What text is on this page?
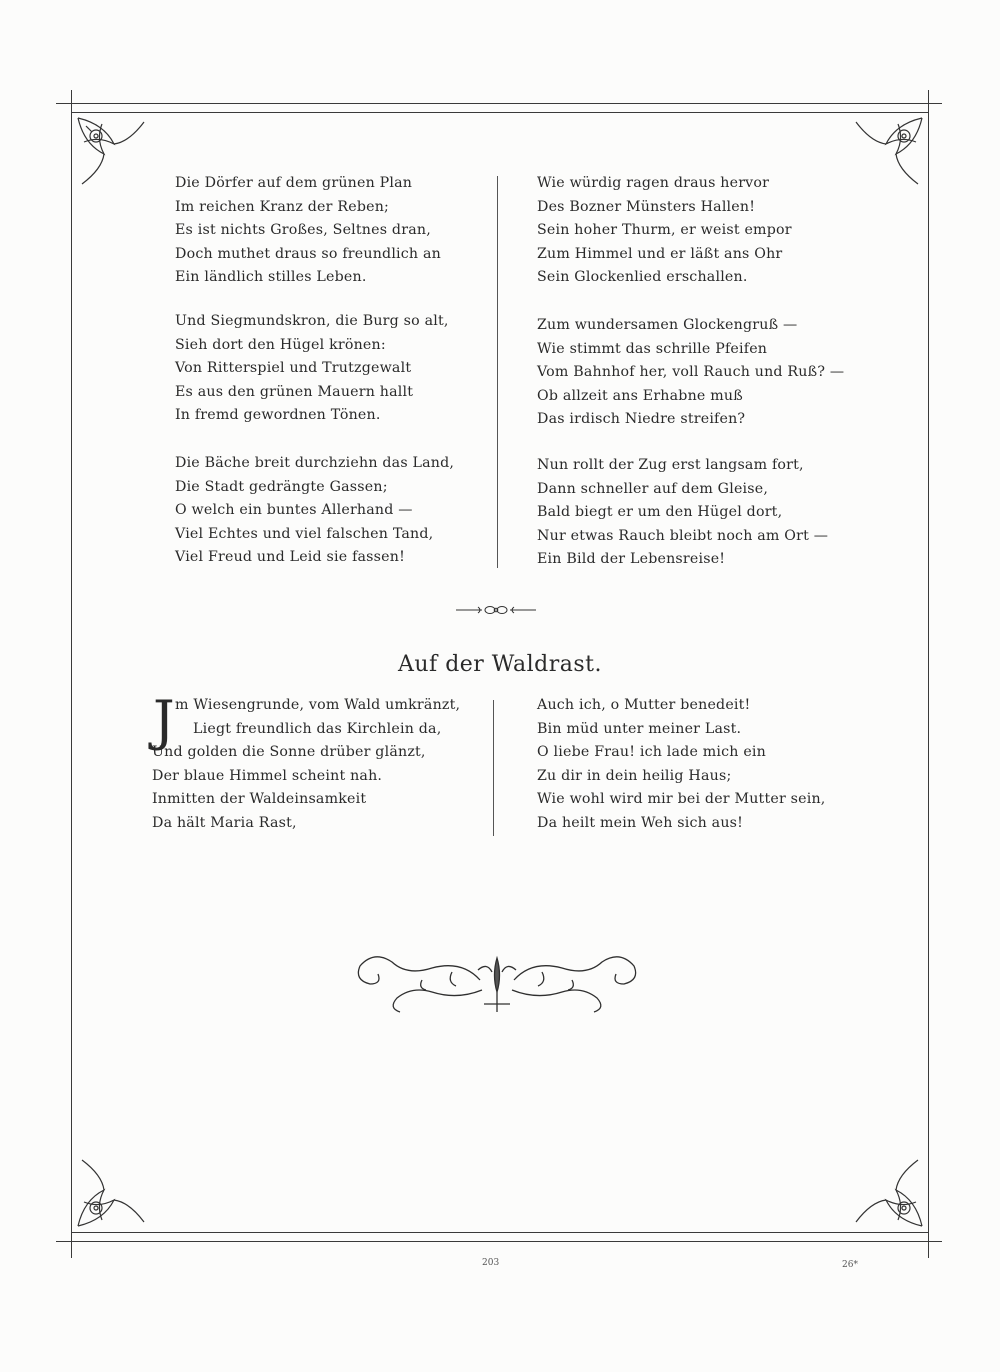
Die Dörfer auf dem grünen Plan
Im reichen Kranz der Reben;
Es ist nichts Großes, Seltnes dran,
Doch muthet draus so freundlich an
Ein ländlich stilles Leben.
Und Siegmundskron, die Burg so alt,
Sieh dort den Hügel krönen:
Von Ritterspiel und Trutzgewalt
Es aus den grünen Mauern hallt
In fremd gewordnen Tönen.
Die Bäche breit durchziehn das Land,
Die Stadt gedrängte Gassen;
O welch ein buntes Allerhand —
Viel Echtes und viel falschen Tand,
Viel Freud und Leid sie fassen!
Wie würdig ragen draus hervor
Des Bozner Münsters Hallen!
Sein hoher Thurm, er weist empor
Zum Himmel und er läßt ans Ohr
Sein Glockenlied erschallen.
Zum wundersamen Glockengruß —
Wie stimmt das schrille Pfeifen
Vom Bahnhof her, voll Rauch und Ruß? —
Ob allzeit ans Erhabne muß
Das irdisch Niedre streifen?
Nun rollt der Zug erst langsam fort,
Dann schneller auf dem Gleise,
Bald biegt er um den Hügel dort,
Nur etwas Rauch bleibt noch am Ort —
Ein Bild der Lebensreise!
Auf der Waldrast.
J m Wiesengrunde, vom Wald umkränzt,
Liegt freundlich das Kirchlein da,
Und golden die Sonne drüber glänzt,
Der blaue Himmel scheint nah.
Inmitten der Waldeinsamkeit
Da hält Maria Rast,
Auch ich, o Mutter benedeit!
Bin müd unter meiner Last.
O liebe Frau! ich lade mich ein
Zu dir in dein heilig Haus;
Wie wohl wird mir bei der Mutter sein,
Da heilt mein Weh sich aus!
203	26*
